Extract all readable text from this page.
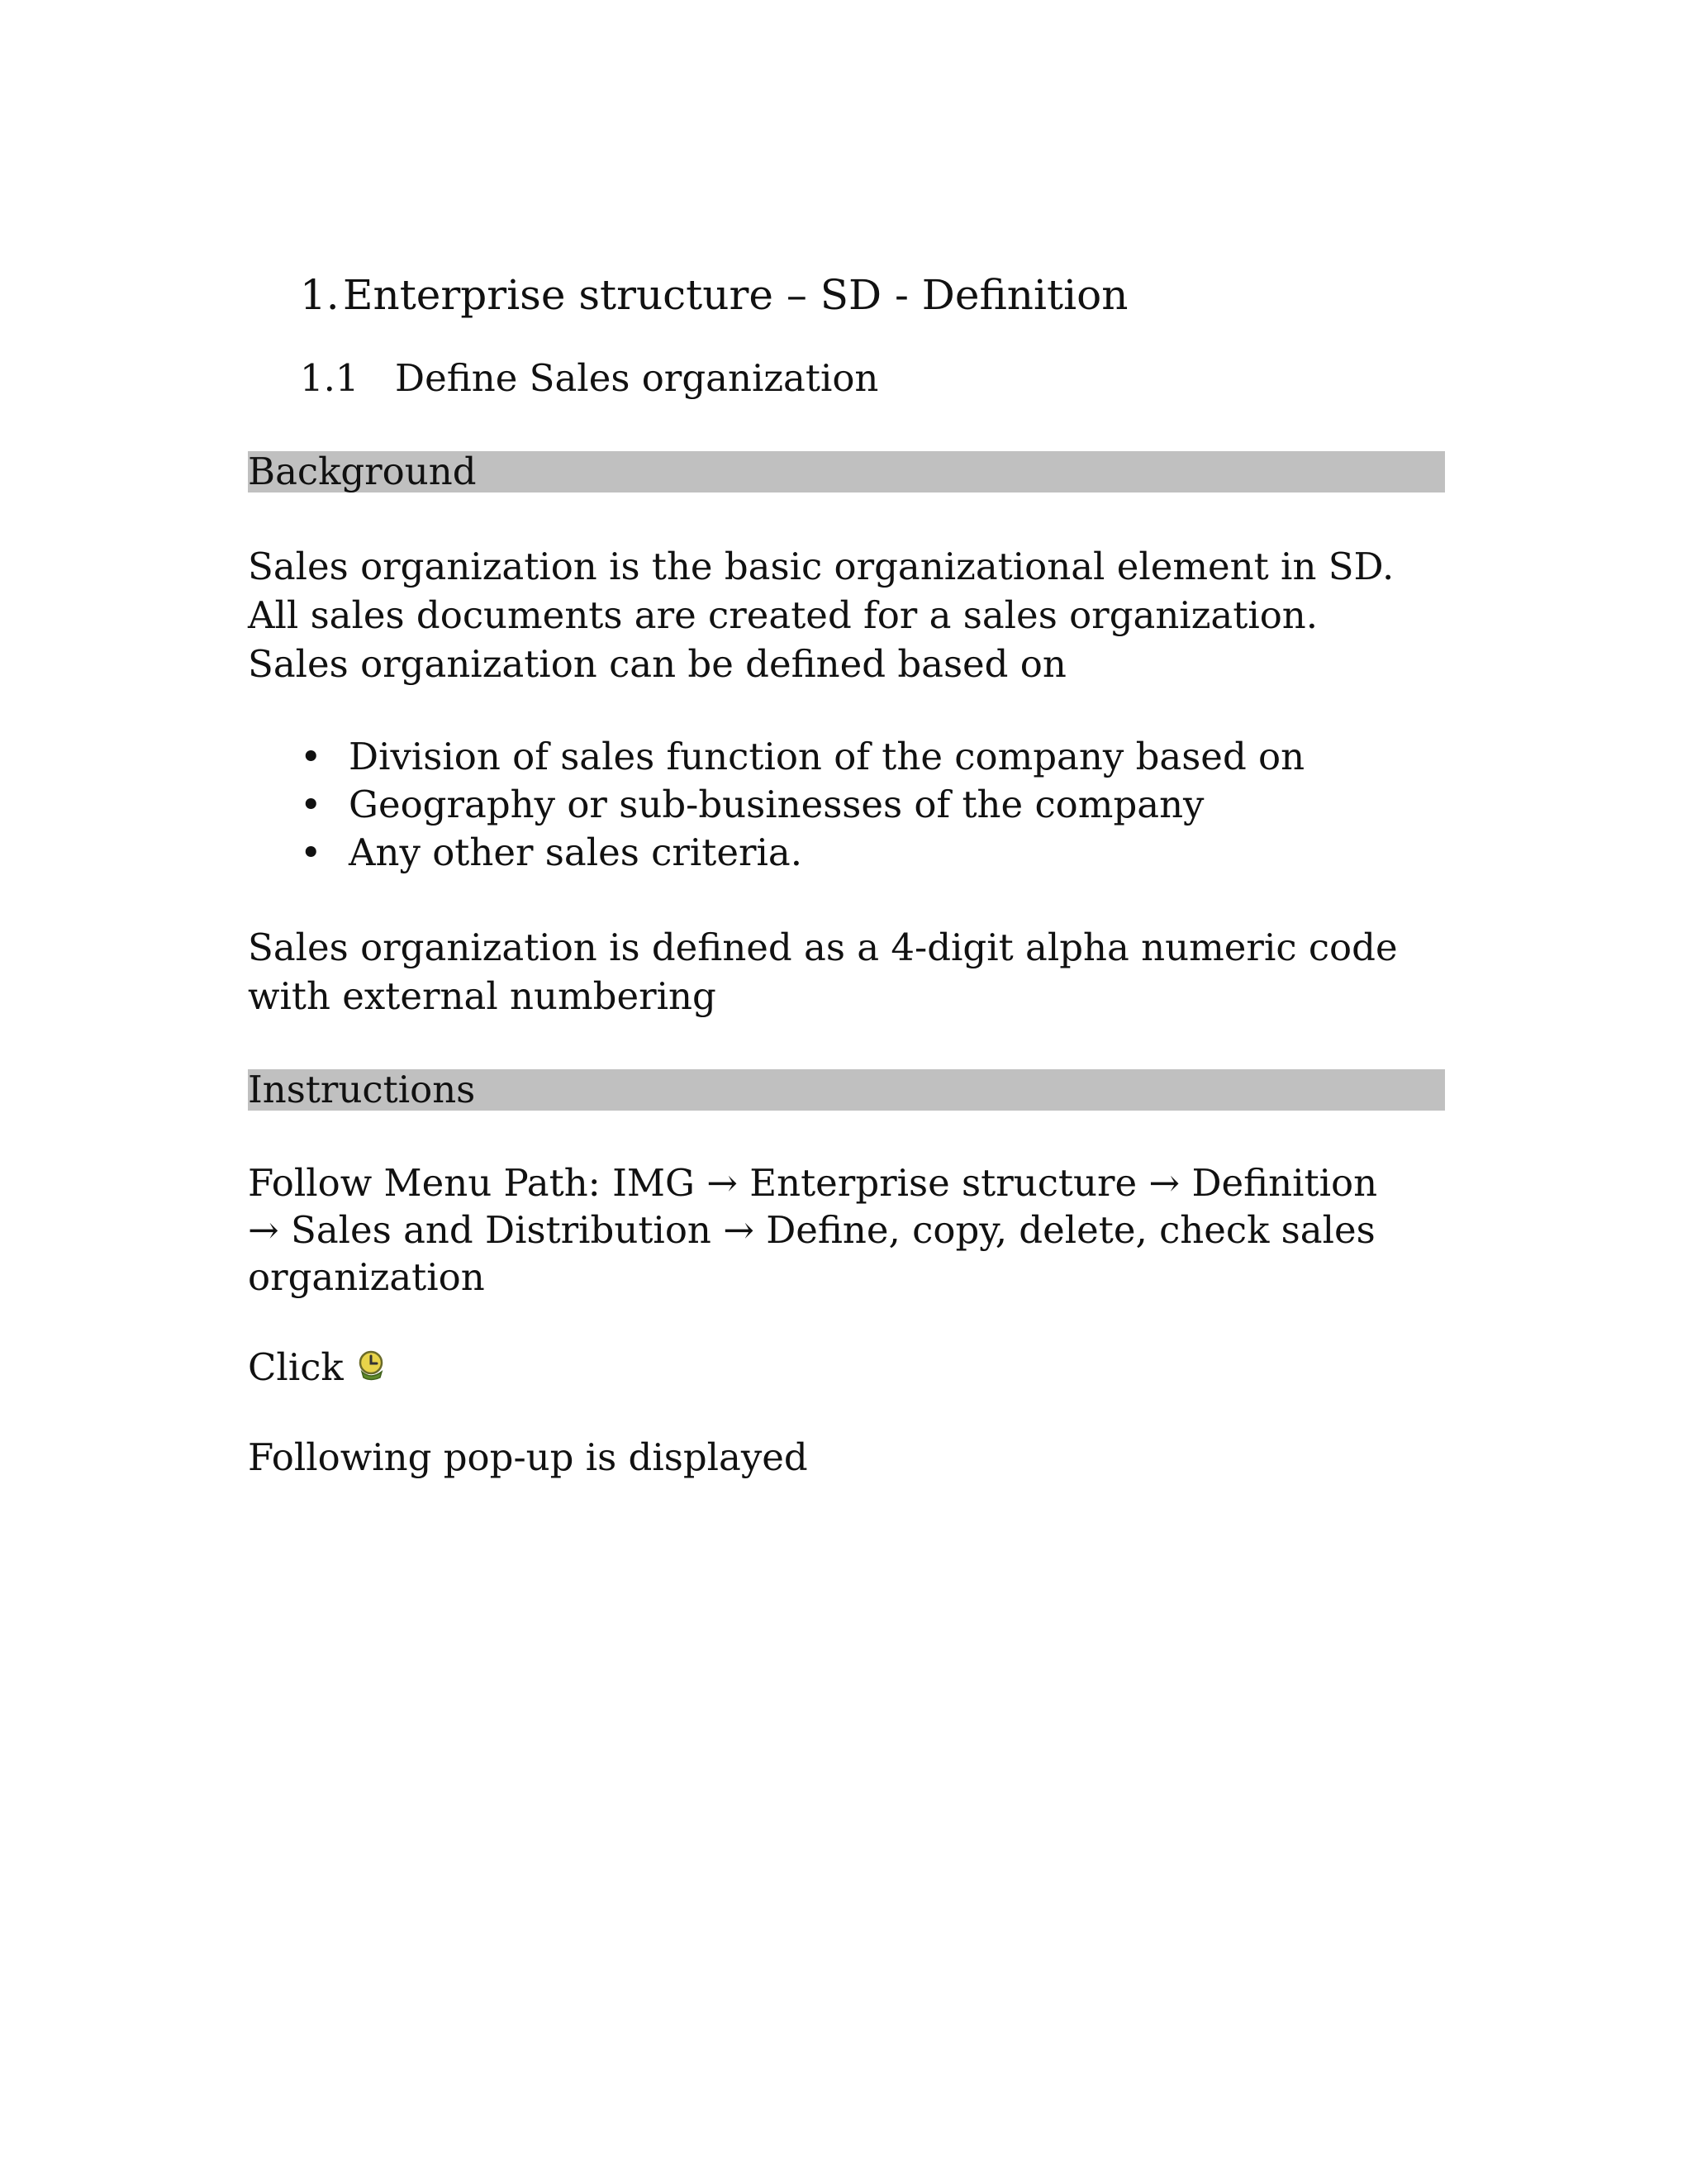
1.Enterprise structure – SD - Definition
1.1 Define Sales organization
Background
Sales organization is the basic organizational element in SD.
All sales documents are created for a sales organization.
Sales organization can be defined based on
• Division of sales function of the company based on
• Geography or sub-businesses of the company
• Any other sales criteria.
Sales organization is defined as a 4-digit alpha numeric code
with external numbering
Instructions
Follow Menu Path: IMG → Enterprise structure → Definition
→ Sales and Distribution → Define, copy, delete, check sales
organization
Click
Following pop-up is displayed
